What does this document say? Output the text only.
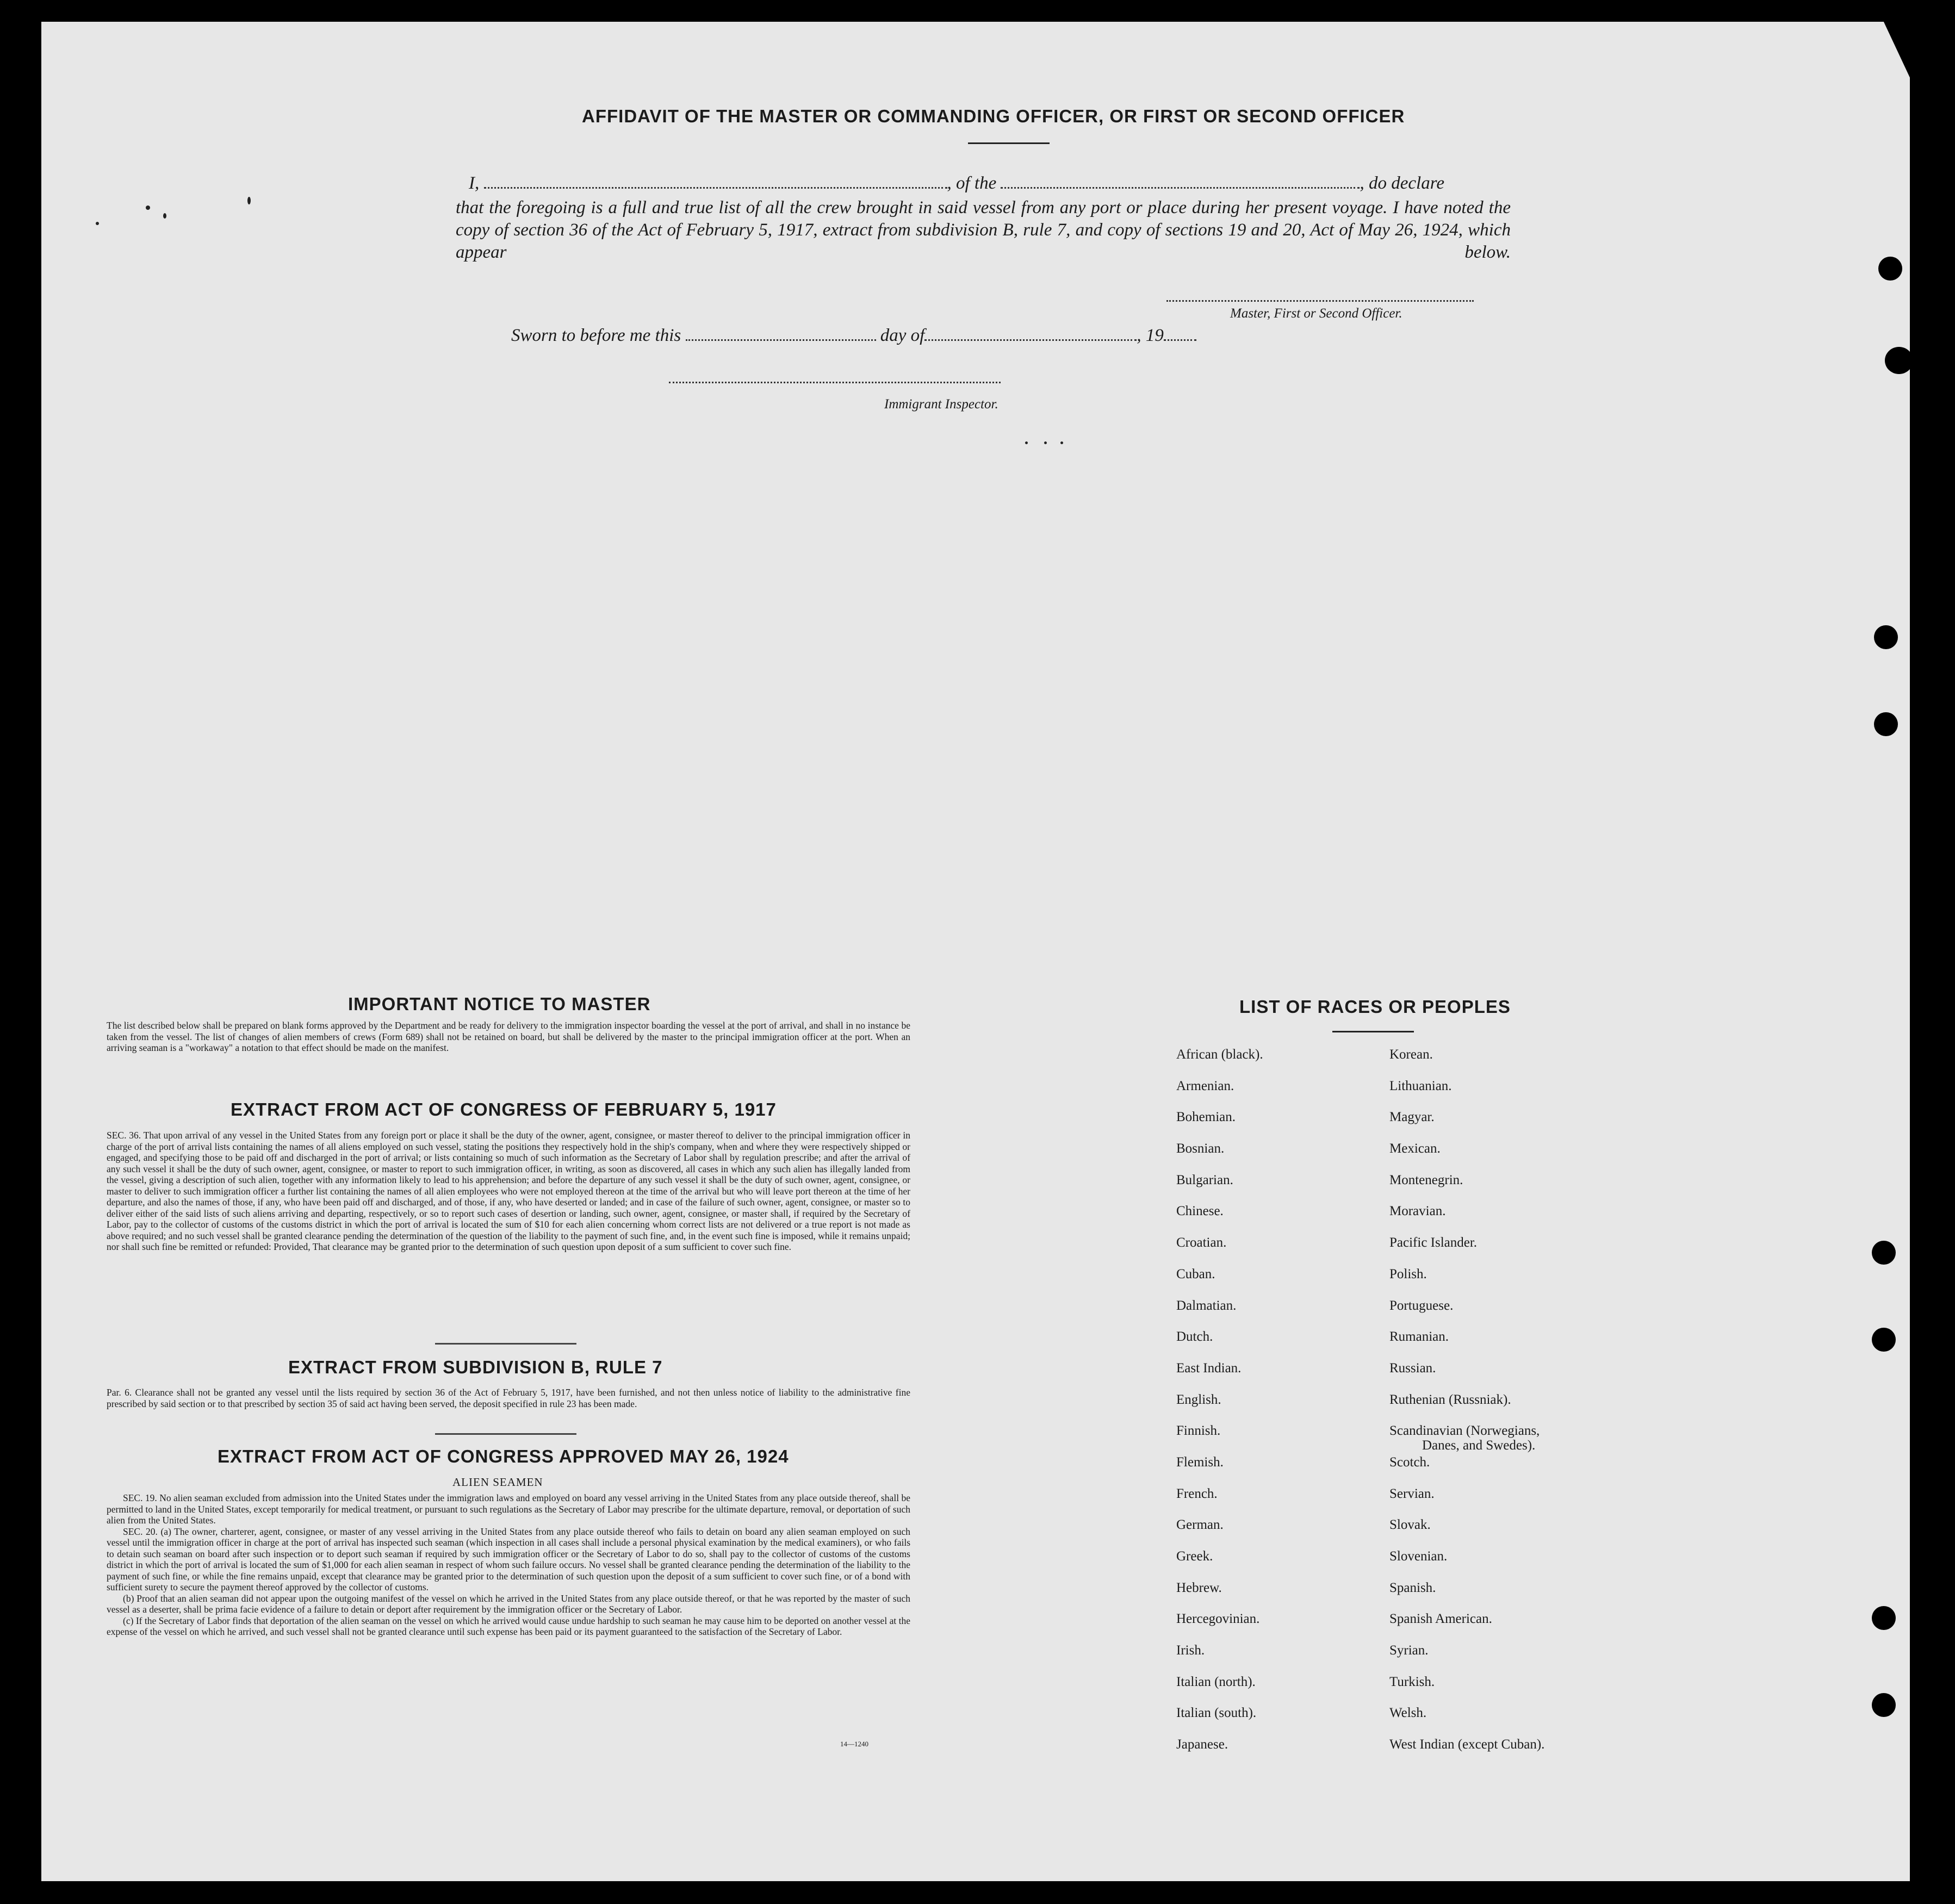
AFFIDAVIT OF THE MASTER OR COMMANDING OFFICER, OR FIRST OR SECOND OFFICER
I,	, of the	, do declare
that the foregoing is a full and true list of all the crew brought in said vessel from any port or place during her present voyage. I have noted the copy of section 36 of the Act of February 5, 1917, extract from subdivision B, rule 7, and copy of sections 19 and 20, Act of May 26, 1924, which appear below.
Master, First or Second Officer.
Sworn to before me this	day of	, 19
Immigrant Inspector.
IMPORTANT NOTICE TO MASTER
The list described below shall be prepared on blank forms approved by the Department and be ready for delivery to the immigration inspector boarding the vessel at the port of arrival, and shall in no instance be taken from the vessel. The list of changes of alien members of crews (Form 689) shall not be retained on board, but shall be delivered by the master to the principal immigration officer at the port. When an arriving seaman is a "workaway" a notation to that effect should be made on the manifest.
EXTRACT FROM ACT OF CONGRESS OF FEBRUARY 5, 1917
SEC. 36. That upon arrival of any vessel in the United States from any foreign port or place it shall be the duty of the owner, agent, consignee, or master thereof to deliver to the principal immigration officer in charge of the port of arrival lists containing the names of all aliens employed on such vessel, stating the positions they respectively hold in the ship's company, when and where they were respectively shipped or engaged, and specifying those to be paid off and discharged in the port of arrival; or lists containing so much of such information as the Secretary of Labor shall by regulation prescribe; and after the arrival of any such vessel it shall be the duty of such owner, agent, consignee, or master to report to such immigration officer, in writing, as soon as discovered, all cases in which any such alien has illegally landed from the vessel, giving a description of such alien, together with any information likely to lead to his apprehension; and before the departure of any such vessel it shall be the duty of such owner, agent, consignee, or master to deliver to such immigration officer a further list containing the names of all alien employees who were not employed thereon at the time of the arrival but who will leave port thereon at the time of her departure, and also the names of those, if any, who have been paid off and discharged, and of those, if any, who have deserted or landed; and in case of the failure of such owner, agent, consignee, or master so to deliver either of the said lists of such aliens arriving and departing, respectively, or so to report such cases of desertion or landing, such owner, agent, consignee, or master shall, if required by the Secretary of Labor, pay to the collector of customs of the customs district in which the port of arrival is located the sum of $10 for each alien concerning whom correct lists are not delivered or a true report is not made as above required; and no such vessel shall be granted clearance pending the determination of the question of the liability to the payment of such fine, and, in the event such fine is imposed, while it remains unpaid; nor shall such fine be remitted or refunded: Provided, That clearance may be granted prior to the determination of such question upon deposit of a sum sufficient to cover such fine.
EXTRACT FROM SUBDIVISION B, RULE 7
Par. 6. Clearance shall not be granted any vessel until the lists required by section 36 of the Act of February 5, 1917, have been furnished, and not then unless notice of liability to the administrative fine prescribed by said section or to that prescribed by section 35 of said act having been served, the deposit specified in rule 23 has been made.
EXTRACT FROM ACT OF CONGRESS APPROVED MAY 26, 1924
ALIEN SEAMEN
SEC. 19. No alien seaman excluded from admission into the United States under the immigration laws and employed on board any vessel arriving in the United States from any place outside thereof, shall be permitted to land in the United States, except temporarily for medical treatment, or pursuant to such regulations as the Secretary of Labor may prescribe for the ultimate departure, removal, or deportation of such alien from the United States.
SEC. 20. (a) The owner, charterer, agent, consignee, or master of any vessel arriving in the United States from any place outside thereof who fails to detain on board any alien seaman employed on such vessel until the immigration officer in charge at the port of arrival has inspected such seaman (which inspection in all cases shall include a personal physical examination by the medical examiners), or who fails to detain such seaman on board after such inspection or to deport such seaman if required by such immigration officer or the Secretary of Labor to do so, shall pay to the collector of customs of the customs district in which the port of arrival is located the sum of $1,000 for each alien seaman in respect of whom such failure occurs. No vessel shall be granted clearance pending the determination of the liability to the payment of such fine, or while the fine remains unpaid, except that clearance may be granted prior to the determination of such question upon the deposit of a sum sufficient to cover such fine, or of a bond with sufficient surety to secure the payment thereof approved by the collector of customs.
(b) Proof that an alien seaman did not appear upon the outgoing manifest of the vessel on which he arrived in the United States from any place outside thereof, or that he was reported by the master of such vessel as a deserter, shall be prima facie evidence of a failure to detain or deport after requirement by the immigration officer or the Secretary of Labor.
(c) If the Secretary of Labor finds that deportation of the alien seaman on the vessel on which he arrived would cause undue hardship to such seaman he may cause him to be deported on another vessel at the expense of the vessel on which he arrived, and such vessel shall not be granted clearance until such expense has been paid or its payment guaranteed to the satisfaction of the Secretary of Labor.
14—1240
LIST OF RACES OR PEOPLES
African (black).	Korean.
Armenian.	Lithuanian.
Bohemian.	Magyar.
Bosnian.	Mexican.
Bulgarian.	Montenegrin.
Chinese.	Moravian.
Croatian.	Pacific Islander.
Cuban.	Polish.
Dalmatian.	Portuguese.
Dutch.	Rumanian.
East Indian.	Russian.
English.	Ruthenian (Russniak).
Finnish.	Scandinavian (Norwegians,
Danes, and Swedes).
Flemish.	Scotch.
French.	Servian.
German.	Slovak.
Greek.	Slovenian.
Hebrew.	Spanish.
Hercegovinian.	Spanish American.
Irish.	Syrian.
Italian (north).	Turkish.
Italian (south).	Welsh.
Japanese.	West Indian (except Cuban).
